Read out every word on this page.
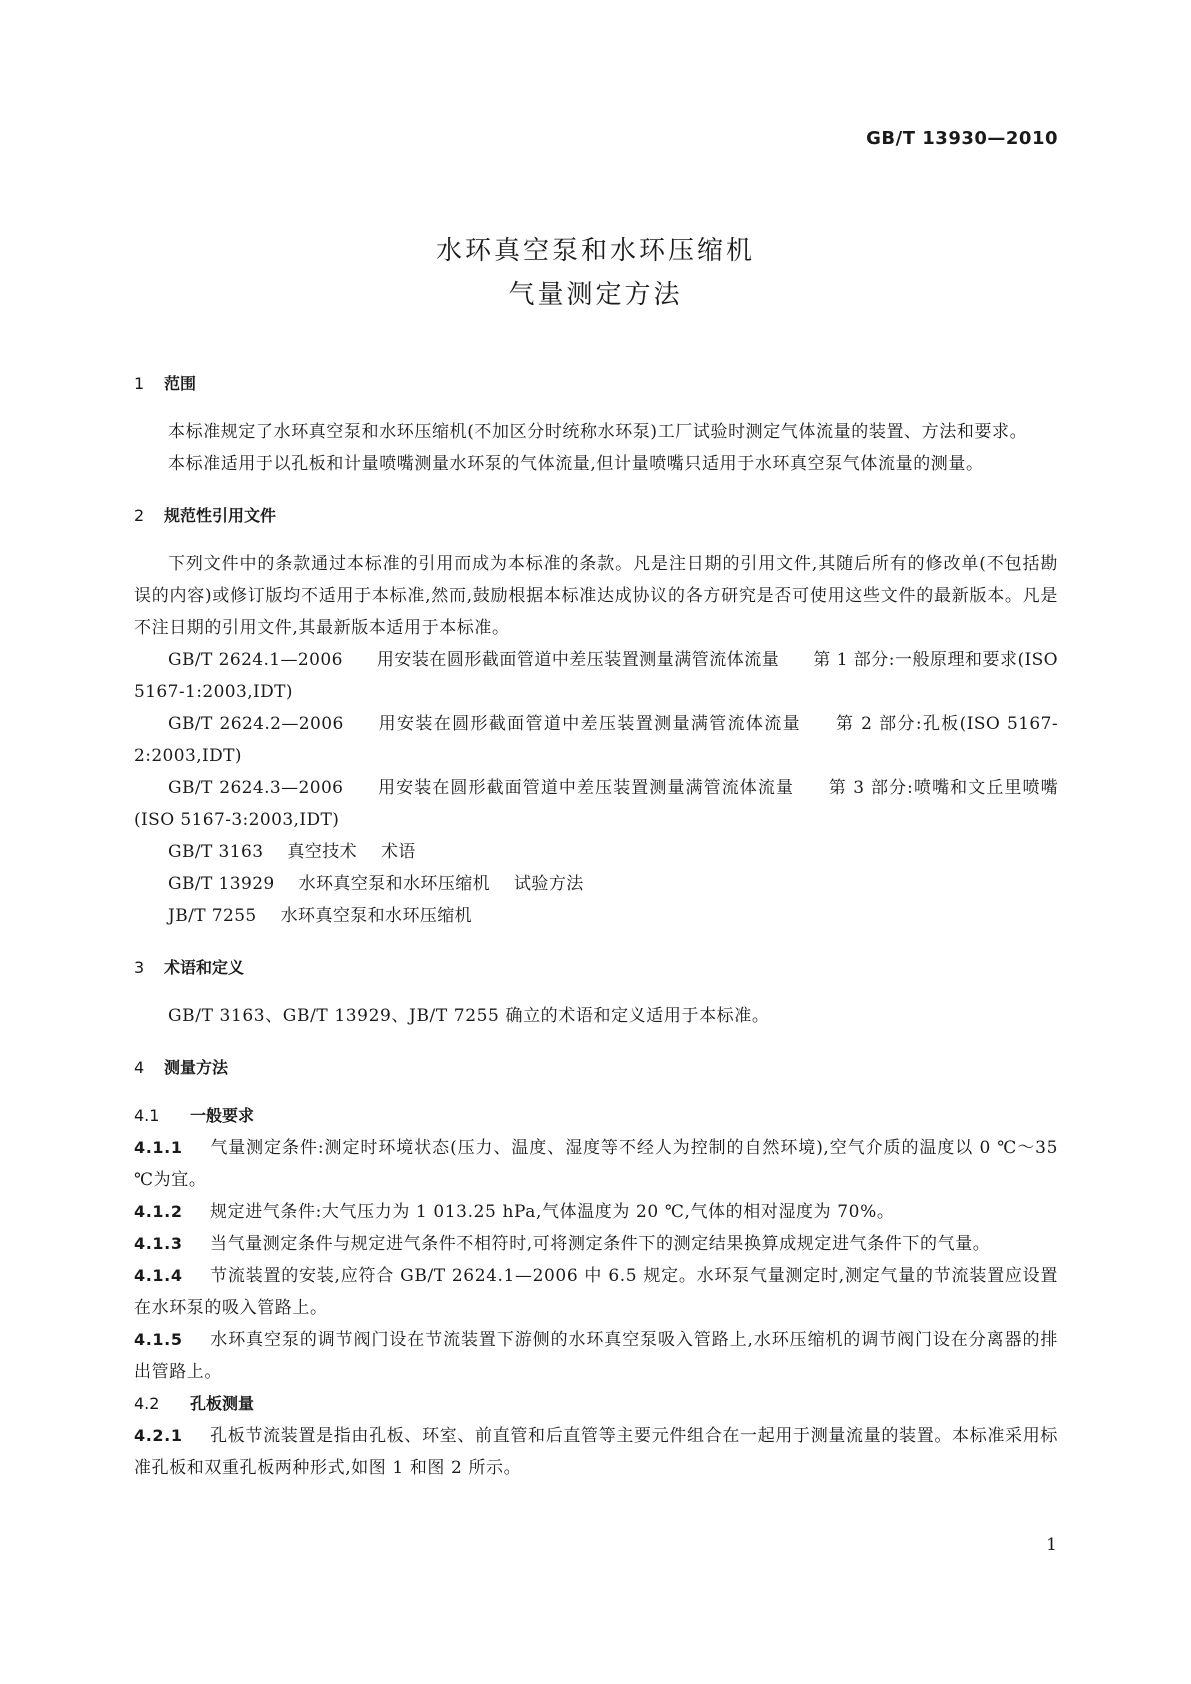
GB/T 13930—2010
水环真空泵和水环压缩机
气量测定方法
1 范围
本标准规定了水环真空泵和水环压缩机(不加区分时统称水环泵)工厂试验时测定气体流量的装置、方法和要求。
本标准适用于以孔板和计量喷嘴测量水环泵的气体流量,但计量喷嘴只适用于水环真空泵气体流量的测量。
2 规范性引用文件
下列文件中的条款通过本标准的引用而成为本标准的条款。凡是注日期的引用文件,其随后所有的修改单(不包括勘误的内容)或修订版均不适用于本标准,然而,鼓励根据本标准达成协议的各方研究是否可使用这些文件的最新版本。凡是不注日期的引用文件,其最新版本适用于本标准。
GB/T 2624.1—2006 用安装在圆形截面管道中差压装置测量满管流体流量 第 1 部分:一般原理和要求(ISO 5167-1:2003,IDT)
GB/T 2624.2—2006 用安装在圆形截面管道中差压装置测量满管流体流量 第 2 部分:孔板(ISO 5167-2:2003,IDT)
GB/T 2624.3—2006 用安装在圆形截面管道中差压装置测量满管流体流量 第 3 部分:喷嘴和文丘里喷嘴(ISO 5167-3:2003,IDT)
GB/T 3163 真空技术 术语
GB/T 13929 水环真空泵和水环压缩机 试验方法
JB/T 7255 水环真空泵和水环压缩机
3 术语和定义
GB/T 3163、GB/T 13929、JB/T 7255 确立的术语和定义适用于本标准。
4 测量方法
4.1 一般要求
4.1.1 气量测定条件:测定时环境状态(压力、温度、湿度等不经人为控制的自然环境),空气介质的温度以 0 ℃～35 ℃为宜。
4.1.2 规定进气条件:大气压力为 1 013.25 hPa,气体温度为 20 ℃,气体的相对湿度为 70%。
4.1.3 当气量测定条件与规定进气条件不相符时,可将测定条件下的测定结果换算成规定进气条件下的气量。
4.1.4 节流装置的安装,应符合 GB/T 2624.1—2006 中 6.5 规定。水环泵气量测定时,测定气量的节流装置应设置在水环泵的吸入管路上。
4.1.5 水环真空泵的调节阀门设在节流装置下游侧的水环真空泵吸入管路上,水环压缩机的调节阀门设在分离器的排出管路上。
4.2 孔板测量
4.2.1 孔板节流装置是指由孔板、环室、前直管和后直管等主要元件组合在一起用于测量流量的装置。本标准采用标准孔板和双重孔板两种形式,如图 1 和图 2 所示。
1
